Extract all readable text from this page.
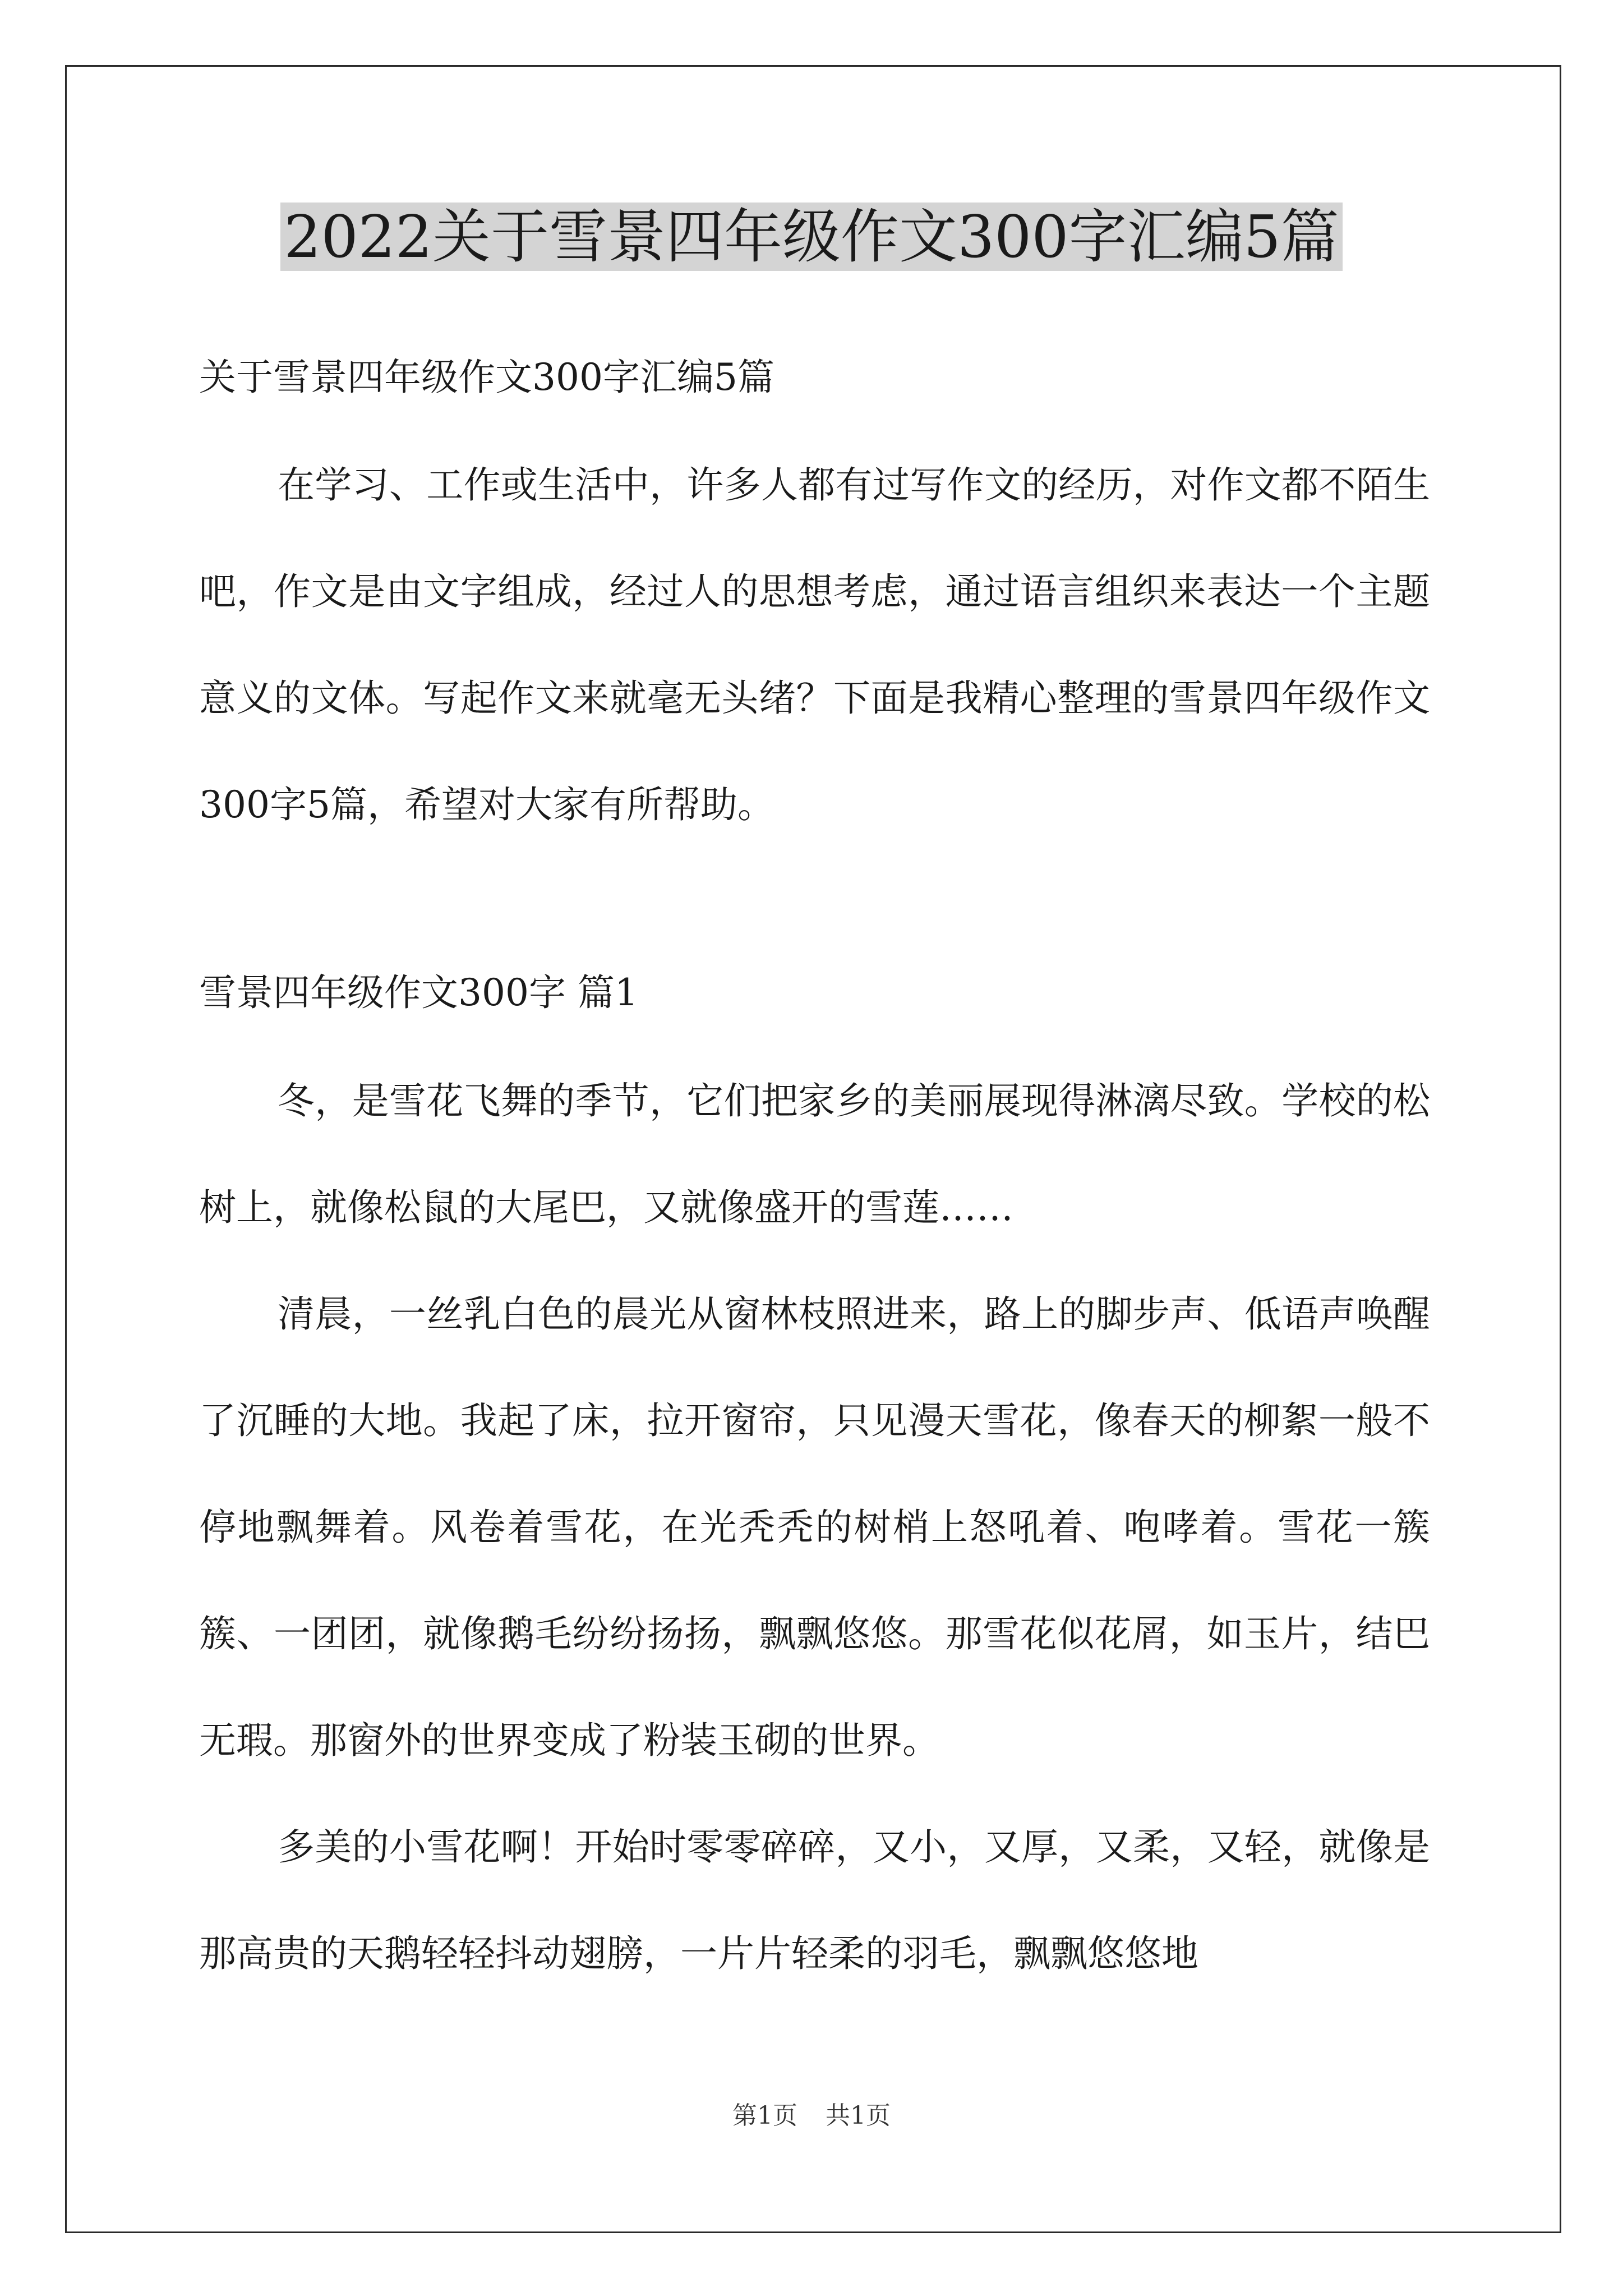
2022关于雪景四年级作文300字汇编5篇

关于雪景四年级作文300字汇编5篇

在学习、工作或生活中，许多人都有过写作文的经历，对作文都不陌生吧，作文是由文字组成，经过人的思想考虑，通过语言组织来表达一个主题意义的文体。写起作文来就毫无头绪？下面是我精心整理的雪景四年级作文300字5篇，希望对大家有所帮助。

雪景四年级作文300字 篇1

冬，是雪花飞舞的季节，它们把家乡的美丽展现得淋漓尽致。学校的松树上，就像松鼠的大尾巴，又就像盛开的雪莲……

清晨，一丝乳白色的晨光从窗林枝照进来，路上的脚步声、低语声唤醒了沉睡的大地。我起了床，拉开窗帘，只见漫天雪花，像春天的柳絮一般不停地飘舞着。风卷着雪花，在光秃秃的树梢上怒吼着、咆哮着。雪花一簇簇、一团团，就像鹅毛纷纷扬扬，飘飘悠悠。那雪花似花屑，如玉片，结巴无瑕。那窗外的世界变成了粉装玉砌的世界。

多美的小雪花啊！开始时零零碎碎，又小，又厚，又柔，又轻，就像是那高贵的天鹅轻轻抖动翅膀，一片片轻柔的羽毛，飘飘悠悠地

第1页 共1页
